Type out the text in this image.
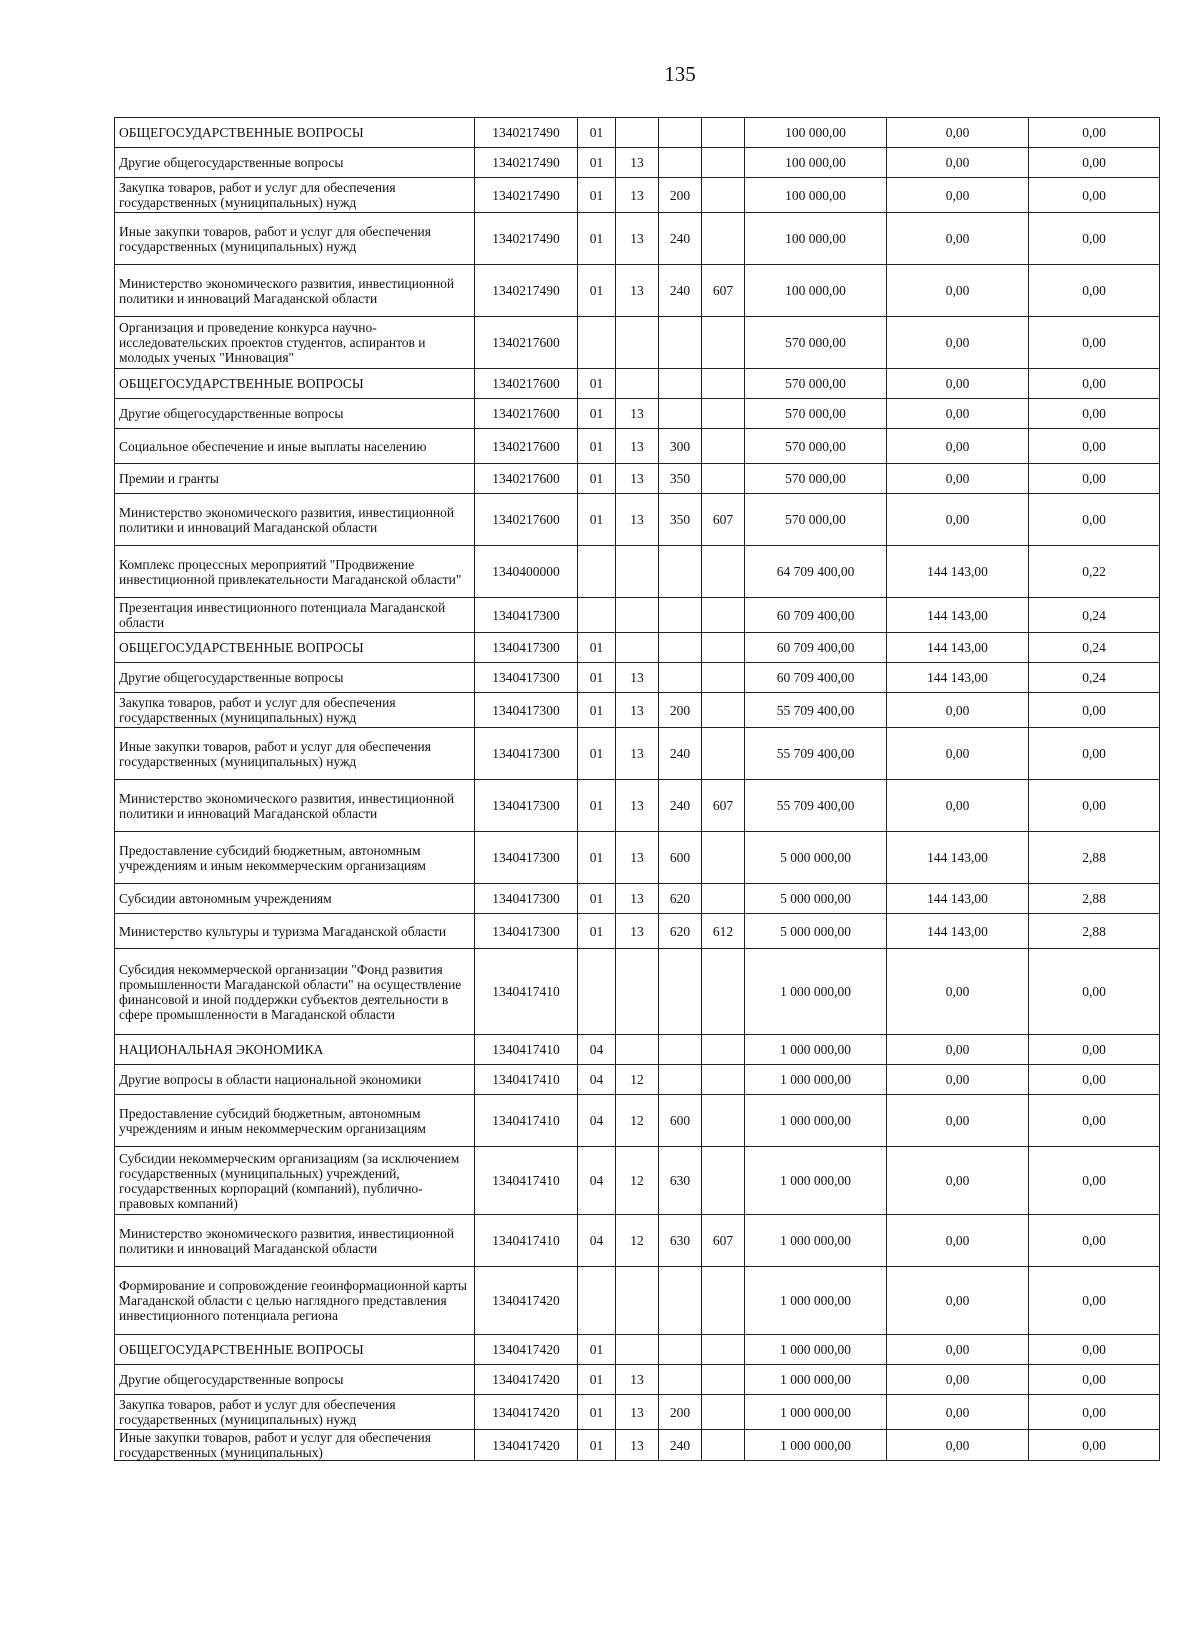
135
ОБЩЕГОСУДАРСТВЕННЫЕ ВОПРОСЫ	1340217490	01				100 000,00	0,00	0,00
Другие общегосударственные вопросы	1340217490	01	13			100 000,00	0,00	0,00
Закупка товаров, работ и услуг для обеспечения государственных (муниципальных) нужд	1340217490	01	13	200		100 000,00	0,00	0,00
Иные закупки товаров, работ и услуг для обеспечения государственных (муниципальных) нужд	1340217490	01	13	240		100 000,00	0,00	0,00
Министерство экономического развития, инвестиционной политики и инноваций Магаданской области	1340217490	01	13	240	607	100 000,00	0,00	0,00
Организация и проведение конкурса научно-исследовательских проектов студентов, аспирантов и молодых ученых "Инновация"	1340217600					570 000,00	0,00	0,00
ОБЩЕГОСУДАРСТВЕННЫЕ ВОПРОСЫ	1340217600	01				570 000,00	0,00	0,00
Другие общегосударственные вопросы	1340217600	01	13			570 000,00	0,00	0,00
Социальное обеспечение и иные выплаты населению	1340217600	01	13	300		570 000,00	0,00	0,00
Премии и гранты	1340217600	01	13	350		570 000,00	0,00	0,00
Министерство экономического развития, инвестиционной политики и инноваций Магаданской области	1340217600	01	13	350	607	570 000,00	0,00	0,00
Комплекс процессных мероприятий "Продвижение инвестиционной привлекательности Магаданской области"	1340400000					64 709 400,00	144 143,00	0,22
Презентация инвестиционного потенциала Магаданской области	1340417300					60 709 400,00	144 143,00	0,24
ОБЩЕГОСУДАРСТВЕННЫЕ ВОПРОСЫ	1340417300	01				60 709 400,00	144 143,00	0,24
Другие общегосударственные вопросы	1340417300	01	13			60 709 400,00	144 143,00	0,24
Закупка товаров, работ и услуг для обеспечения государственных (муниципальных) нужд	1340417300	01	13	200		55 709 400,00	0,00	0,00
Иные закупки товаров, работ и услуг для обеспечения государственных (муниципальных) нужд	1340417300	01	13	240		55 709 400,00	0,00	0,00
Министерство экономического развития, инвестиционной политики и инноваций Магаданской области	1340417300	01	13	240	607	55 709 400,00	0,00	0,00
Предоставление субсидий бюджетным, автономным учреждениям и иным некоммерческим организациям	1340417300	01	13	600		5 000 000,00	144 143,00	2,88
Субсидии автономным учреждениям	1340417300	01	13	620		5 000 000,00	144 143,00	2,88
Министерство культуры и туризма Магаданской области	1340417300	01	13	620	612	5 000 000,00	144 143,00	2,88
Субсидия некоммерческой организации "Фонд развития промышленности Магаданской области" на осуществление финансовой и иной поддержки субъектов деятельности в сфере промышленности в Магаданской области	1340417410					1 000 000,00	0,00	0,00
НАЦИОНАЛЬНАЯ ЭКОНОМИКА	1340417410	04				1 000 000,00	0,00	0,00
Другие вопросы в области национальной экономики	1340417410	04	12			1 000 000,00	0,00	0,00
Предоставление субсидий бюджетным, автономным учреждениям и иным некоммерческим организациям	1340417410	04	12	600		1 000 000,00	0,00	0,00
Субсидии некоммерческим организациям (за исключением государственных (муниципальных) учреждений, государственных корпораций (компаний), публично-правовых компаний)	1340417410	04	12	630		1 000 000,00	0,00	0,00
Министерство экономического развития, инвестиционной политики и инноваций Магаданской области	1340417410	04	12	630	607	1 000 000,00	0,00	0,00
Формирование и сопровождение геоинформационной карты Магаданской области с целью наглядного представления инвестиционного потенциала региона	1340417420					1 000 000,00	0,00	0,00
ОБЩЕГОСУДАРСТВЕННЫЕ ВОПРОСЫ	1340417420	01				1 000 000,00	0,00	0,00
Другие общегосударственные вопросы	1340417420	01	13			1 000 000,00	0,00	0,00
Закупка товаров, работ и услуг для обеспечения государственных (муниципальных) нужд	1340417420	01	13	200		1 000 000,00	0,00	0,00
Иные закупки товаров, работ и услуг для обеспечения государственных (муниципальных)	1340417420	01	13	240		1 000 000,00	0,00	0,00
